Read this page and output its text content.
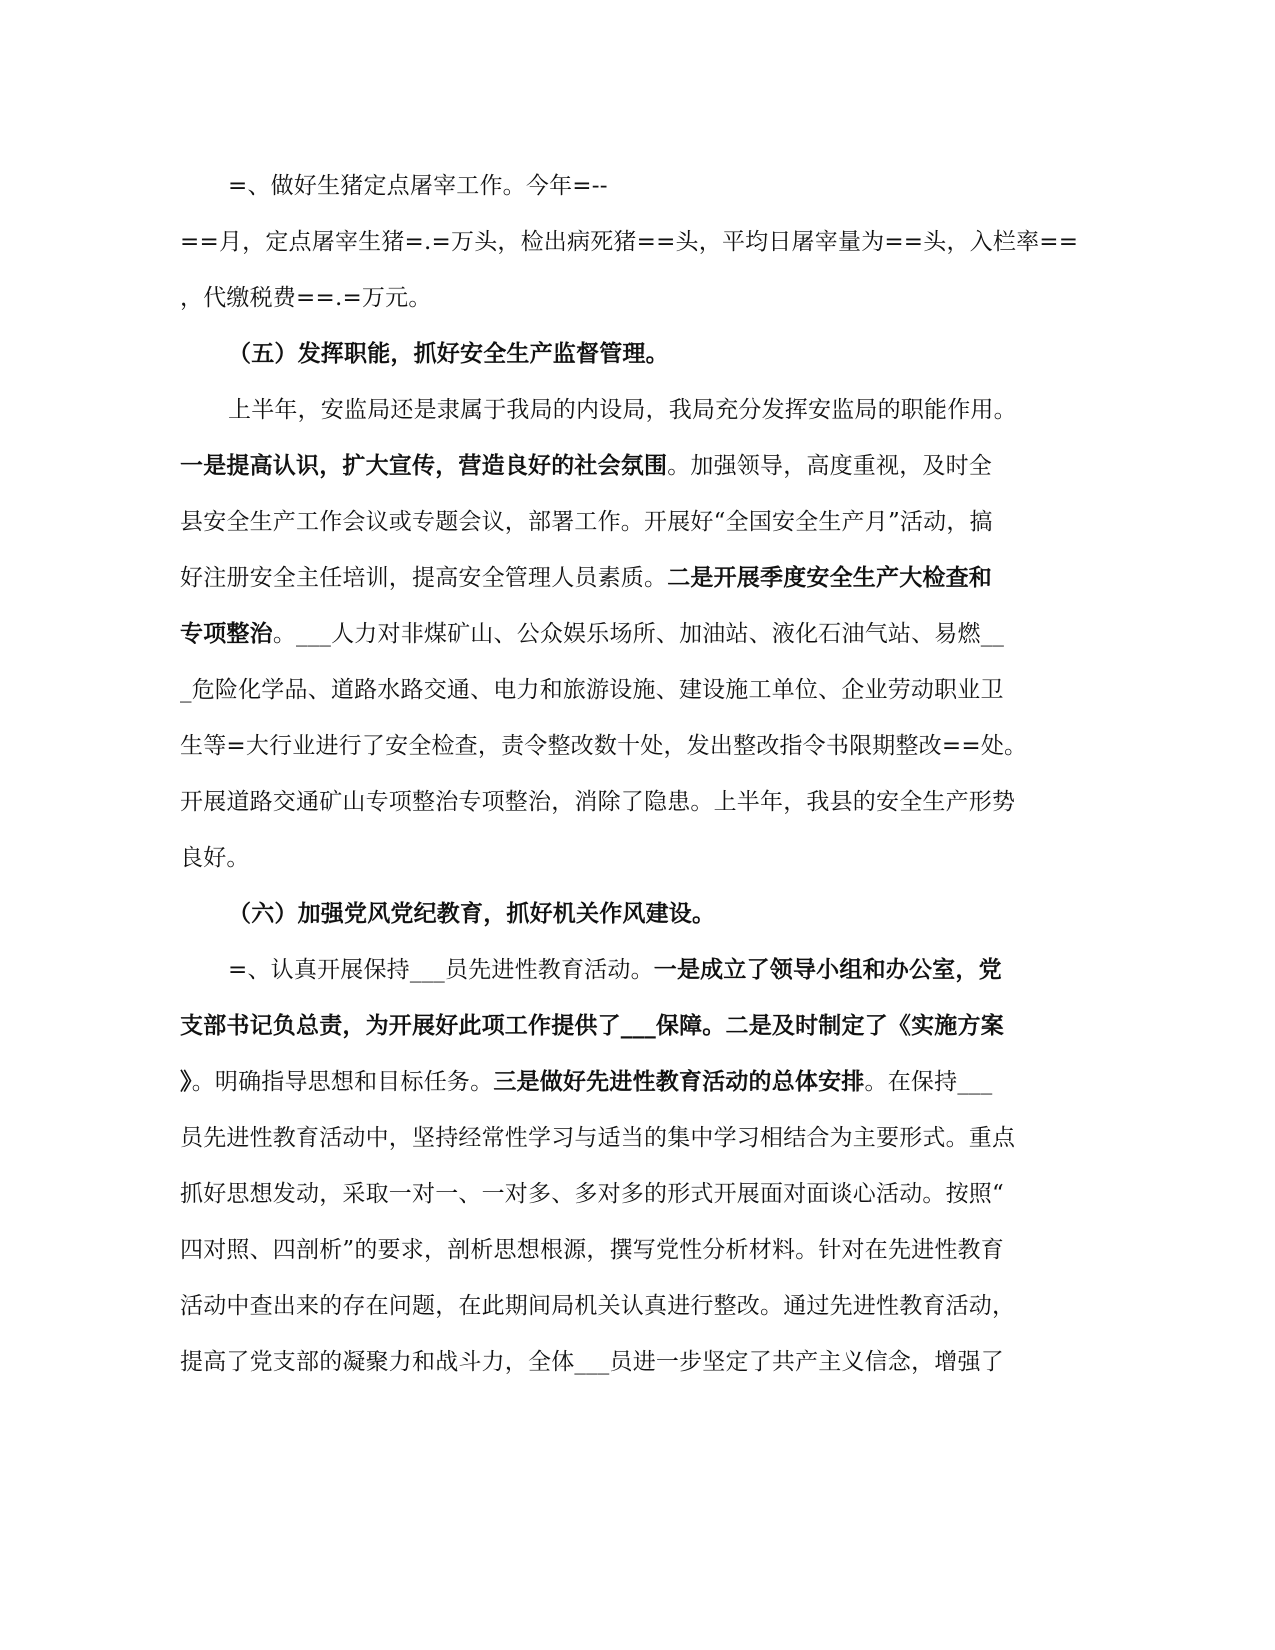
=、做好生猪定点屠宰工作。今年=--
==月，定点屠宰生猪=.=万头，检出病死猪==头，平均日屠宰量为==头，入栏率==
，代缴税费==.=万元。
（五）发挥职能，抓好安全生产监督管理。
上半年，安监局还是隶属于我局的内设局，我局充分发挥安监局的职能作用。
一是提高认识，扩大宣传，营造良好的社会氛围。加强领导，高度重视，及时全
县安全生产工作会议或专题会议，部署工作。开展好“全国安全生产月”活动，搞
好注册安全主任培训，提高安全管理人员素质。二是开展季度安全生产大检查和
专项整治。___人力对非煤矿山、公众娱乐场所、加油站、液化石油气站、易燃__
_危险化学品、道路水路交通、电力和旅游设施、建设施工单位、企业劳动职业卫
生等=大行业进行了安全检查，责令整改数十处，发出整改指令书限期整改==处。
开展道路交通矿山专项整治专项整治，消除了隐患。上半年，我县的安全生产形势
良好。
（六）加强党风党纪教育，抓好机关作风建设。
=、认真开展保持___员先进性教育活动。一是成立了领导小组和办公室，党
支部书记负总责，为开展好此项工作提供了___保障。二是及时制定了《实施方案
》。明确指导思想和目标任务。三是做好先进性教育活动的总体安排。在保持___
员先进性教育活动中，坚持经常性学习与适当的集中学习相结合为主要形式。重点
抓好思想发动，采取一对一、一对多、多对多的形式开展面对面谈心活动。按照“
四对照、四剖析”的要求，剖析思想根源，撰写党性分析材料。针对在先进性教育
活动中查出来的存在问题，在此期间局机关认真进行整改。通过先进性教育活动，
提高了党支部的凝聚力和战斗力，全体___员进一步坚定了共产主义信念，增强了
